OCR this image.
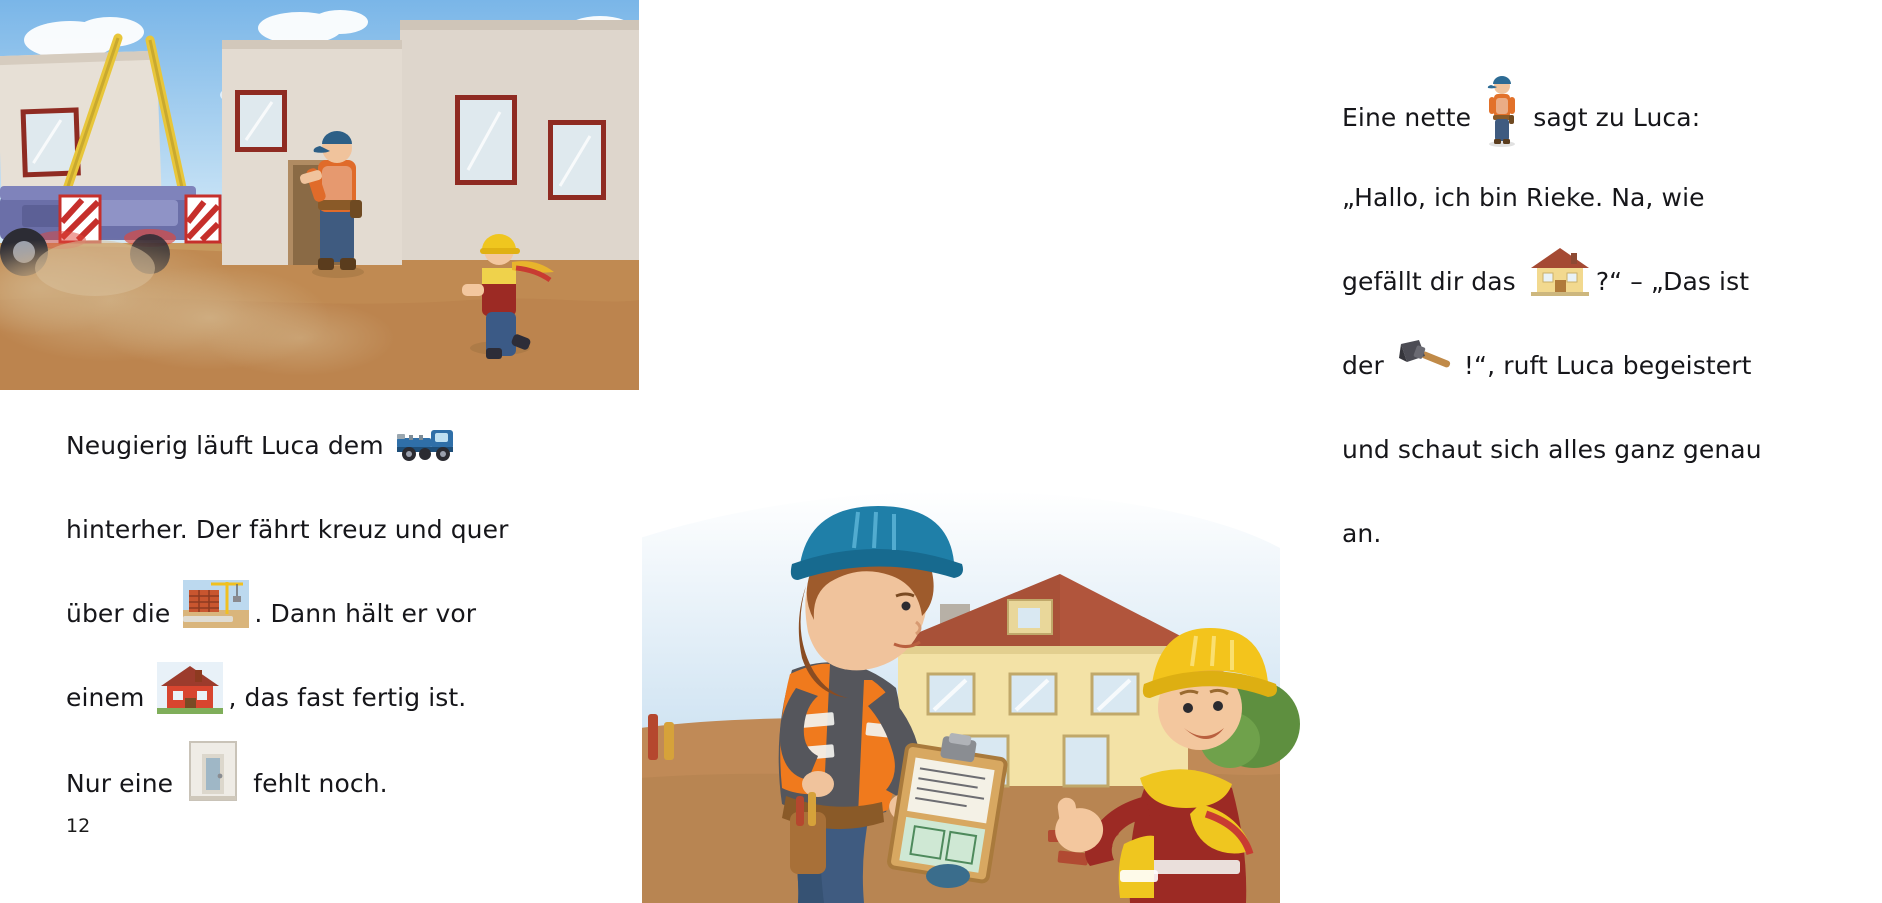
Neugierig läuft Luca dem
hinterher. Der fährt kreuz und quer
über die	. Dann hält er vor
einem	, das fast fertig ist.
Nur eine	fehlt noch.
12
Eine nette
sagt zu Luca:
„Hallo, ich bin Rieke. Na, wie
gefällt dir das	?“ – „Das ist
der	!“, ruft Luca begeistert
und schaut sich alles ganz genau
an.
